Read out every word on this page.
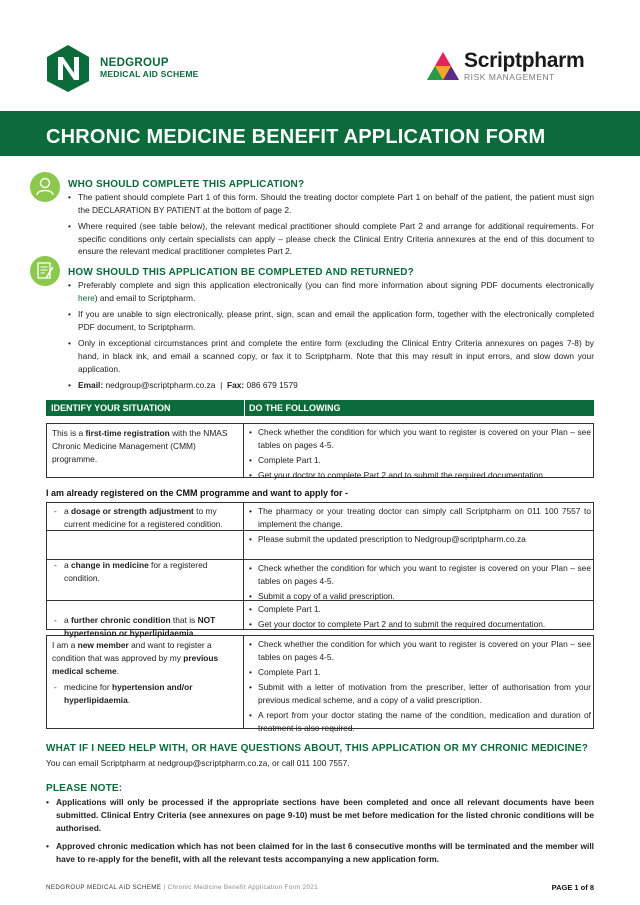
NEDGROUP
MEDICAL AID SCHEME
Scriptpharm
RISK MANAGEMENT
CHRONIC MEDICINE BENEFIT APPLICATION FORM
WHO SHOULD COMPLETE THIS APPLICATION?
• The patient should complete Part 1 of this form. Should the treating doctor complete Part 1 on behalf of the patient, the patient must sign the DECLARATION BY PATIENT at the bottom of page 2.
• Where required (see table below), the relevant medical practitioner should complete Part 2 and arrange for additional requirements. For specific conditions only certain specialists can apply – please check the Clinical Entry Criteria annexures at the end of this document to ensure the relevant medical practitioner completes Part 2.
HOW SHOULD THIS APPLICATION BE COMPLETED AND RETURNED?
• Preferably complete and sign this application electronically (you can find more information about signing PDF documents electronically here) and email to Scriptpharm.
• If you are unable to sign electronically, please print, sign, scan and email the application form, together with the electronically completed PDF document, to Scriptpharm.
• Only in exceptional circumstances print and complete the entire form (excluding the Clinical Entry Criteria annexures on pages 7-8) by hand, in black ink, and email a scanned copy, or fax it to Scriptpharm. Note that this may result in input errors, and slow down your application.
• Email: nedgroup@scriptpharm.co.za | Fax: 086 679 1579
IDENTIFY YOUR SITUATION	DO THE FOLLOWING
This is a first-time registration with the NMAS Chronic Medicine Management (CMM) programme.
• Check whether the condition for which you want to register is covered on your Plan – see tables on pages 4-5.
• Complete Part 1.
• Get your doctor to complete Part 2 and to submit the required documentation.
I am already registered on the CMM programme and want to apply for -
- a dosage or strength adjustment to my current medicine for a registered condition.
• The pharmacy or your treating doctor can simply call Scriptpharm on 011 100 7557 to implement the change.
- a change in medicine for a registered condition.
• Please submit the updated prescription to Nedgroup@scriptpharm.co.za
- a further chronic condition that is NOT hypertension or hyperlipidaemia.
• Check whether the condition for which you want to register is covered on your Plan – see tables on pages 4-5.
• Submit a copy of a valid prescription.
- medicine for hypertension and/or hyperlipidaemia.
• Complete Part 1.
• Get your doctor to complete Part 2 and to submit the required documentation.
I am a new member and want to register a condition that was approved by my previous medical scheme.
• Check whether the condition for which you want to register is covered on your Plan – see tables on pages 4-5.
• Complete Part 1.
• Submit with a letter of motivation from the prescriber, letter of authorisation from your previous medical scheme, and a copy of a valid prescription.
• A report from your doctor stating the name of the condition, medication and duration of treatment is also required.
WHAT IF I NEED HELP WITH, OR HAVE QUESTIONS ABOUT, THIS APPLICATION OR MY CHRONIC MEDICINE?
You can email Scriptpharm at nedgroup@scriptpharm.co.za, or call 011 100 7557.
PLEASE NOTE:
• Applications will only be processed if the appropriate sections have been completed and once all relevant documents have been submitted. Clinical Entry Criteria (see annexures on page 9-10) must be met before medication for the listed chronic conditions will be authorised.
• Approved chronic medication which has not been claimed for in the last 6 consecutive months will be terminated and the member will have to re-apply for the benefit, with all the relevant tests accompanying a new application form.
NEDGROUP MEDICAL AID SCHEME | Chronic Medicine Benefit Application Form 2021	PAGE 1 of 8
